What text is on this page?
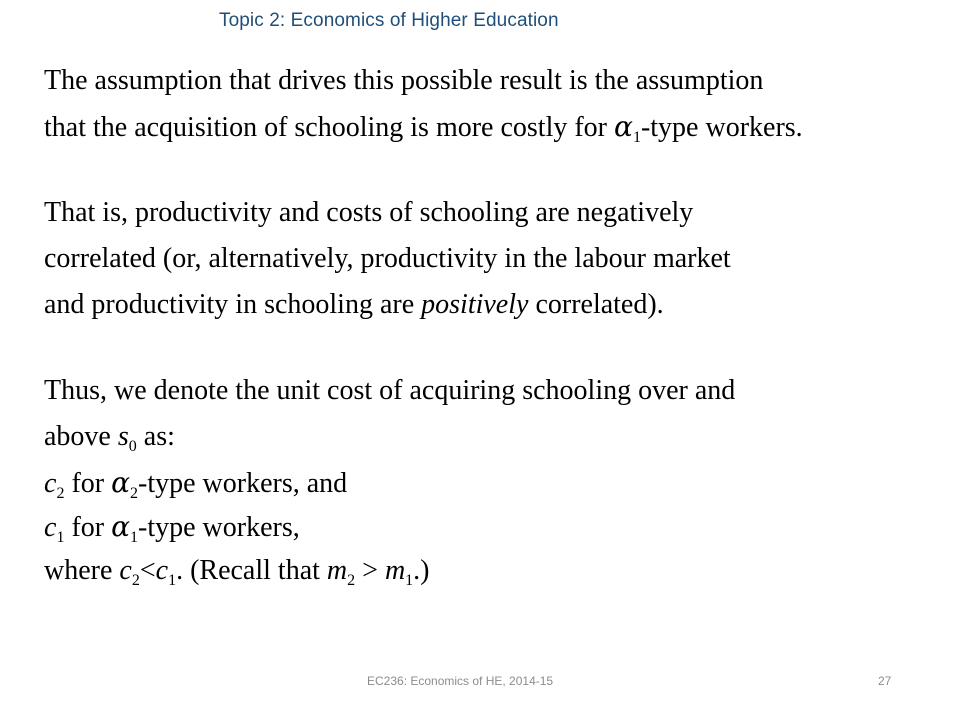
Topic 2: Economics of Higher Education
The assumption that drives this possible result is the assumption
that the acquisition of schooling is more costly for $\alpha_1$-type workers.
That is, productivity and costs of schooling are negatively
correlated (or, alternatively, productivity in the labour market
and productivity in schooling are positively correlated).
Thus, we denote the unit cost of acquiring schooling over and
above $s_0$ as:
$c_2$ for $\alpha_2$-type workers, and
$c_1$ for $\alpha_1$-type workers,
where $c_2<c_1$. (Recall that $m_2 > m_1$.)
EC236: Economics of HE, 2014-15	27
